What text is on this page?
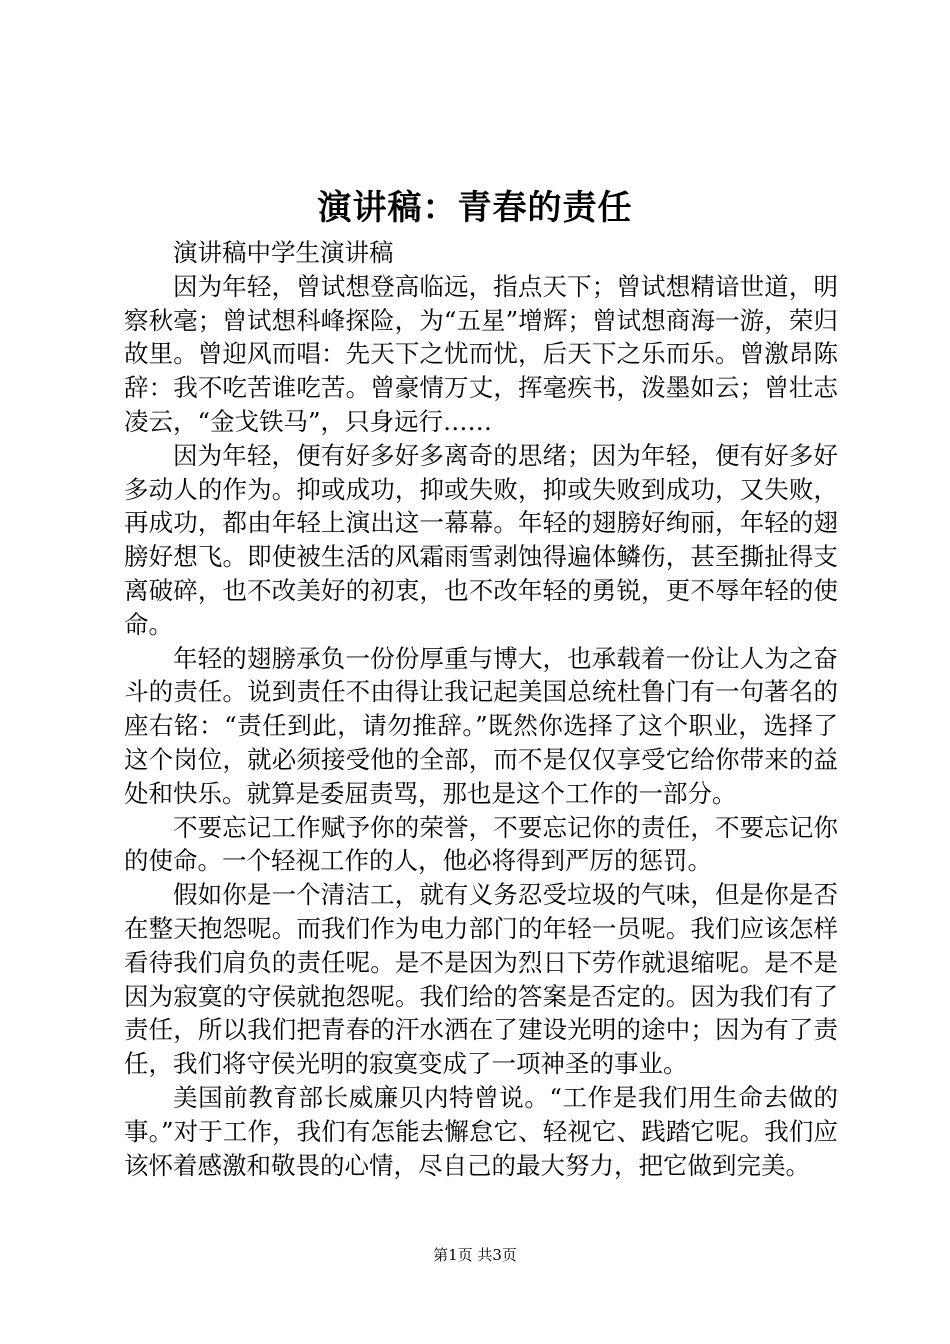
演讲稿：青春的责任

演讲稿中学生演讲稿

因为年轻，曾试想登高临远，指点天下；曾试想精谙世道，明察秋毫；曾试想科峰探险，为“五星”增辉；曾试想商海一游，荣归故里。曾迎风而唱：先天下之忧而忧，后天下之乐而乐。曾激昂陈辞：我不吃苦谁吃苦。曾豪情万丈，挥毫疾书，泼墨如云；曾壮志凌云，“金戈铁马”，只身远行……

因为年轻，便有好多好多离奇的思绪；因为年轻，便有好多好多动人的作为。抑或成功，抑或失败，抑或失败到成功，又失败，再成功，都由年轻上演出这一幕幕。年轻的翅膀好绚丽，年轻的翅膀好想飞。即使被生活的风霜雨雪剥蚀得遍体鳞伤，甚至撕扯得支离破碎，也不改美好的初衷，也不改年轻的勇锐，更不辱年轻的使命。

年轻的翅膀承负一份份厚重与博大，也承载着一份让人为之奋斗的责任。说到责任不由得让我记起美国总统杜鲁门有一句著名的座右铭：“责任到此，请勿推辞。”既然你选择了这个职业，选择了这个岗位，就必须接受他的全部，而不是仅仅享受它给你带来的益处和快乐。就算是委屈责骂，那也是这个工作的一部分。

不要忘记工作赋予你的荣誉，不要忘记你的责任，不要忘记你的使命。一个轻视工作的人，他必将得到严厉的惩罚。

假如你是一个清洁工，就有义务忍受垃圾的气味，但是你是否在整天抱怨呢。而我们作为电力部门的年轻一员呢。我们应该怎样看待我们肩负的责任呢。是不是因为烈日下劳作就退缩呢。是不是因为寂寞的守侯就抱怨呢。我们给的答案是否定的。因为我们有了责任，所以我们把青春的汗水洒在了建设光明的途中；因为有了责任，我们将守侯光明的寂寞变成了一项神圣的事业。

美国前教育部长威廉贝内特曾说。“工作是我们用生命去做的事。”对于工作，我们有怎能去懈怠它、轻视它、践踏它呢。我们应该怀着感激和敬畏的心情，尽自己的最大努力，把它做到完美。

第1页 共3页
